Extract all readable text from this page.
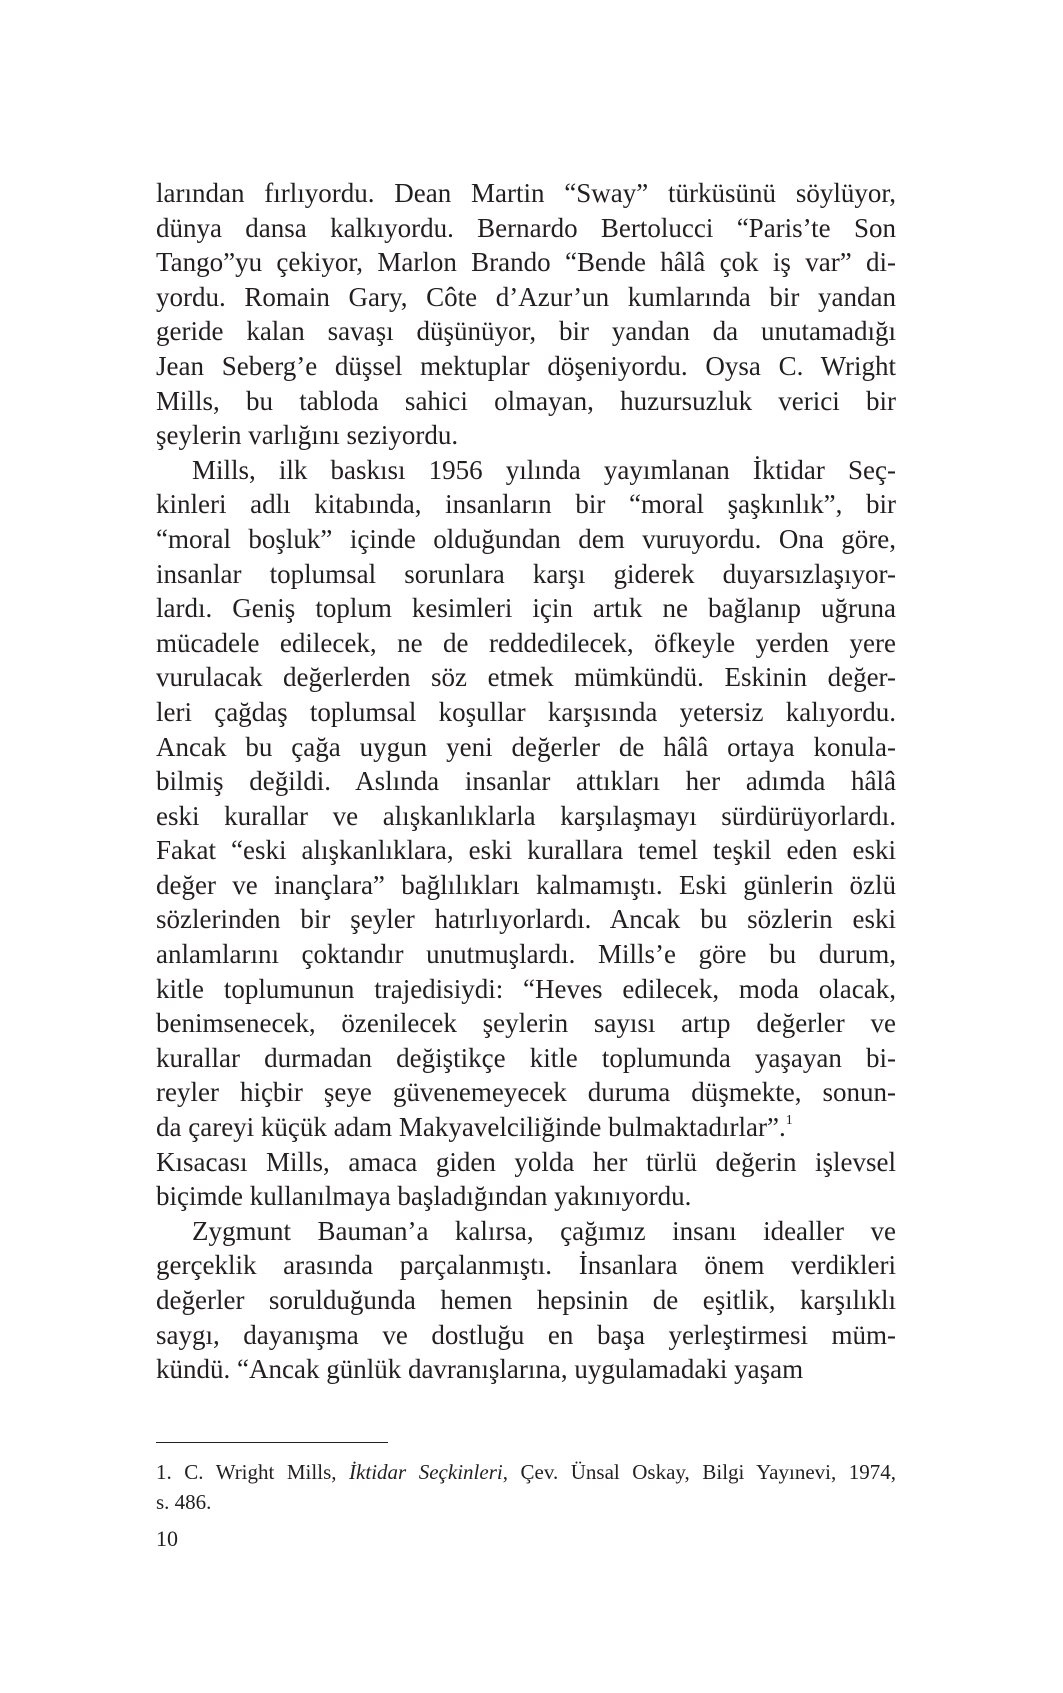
larından fırlıyordu. Dean Martin “Sway” türküsünü söylüyor,
dünya dansa kalkıyordu. Bernardo Bertolucci “Paris’te Son
Tango”yu çekiyor, Marlon Brando “Bende hâlâ çok iş var” di-
yordu. Romain Gary, Côte d’Azur’un kumlarında bir yandan
geride kalan savaşı düşünüyor, bir yandan da unutamadığı
Jean Seberg’e düşsel mektuplar döşeniyordu. Oysa C. Wright
Mills, bu tabloda sahici olmayan, huzursuzluk verici bir
şeylerin varlığını seziyordu.
Mills, ilk baskısı 1956 yılında yayımlanan İktidar Seç-
kinleri adlı kitabında, insanların bir “moral şaşkınlık”, bir
“moral boşluk” içinde olduğundan dem vuruyordu. Ona göre,
insanlar toplumsal sorunlara karşı giderek duyarsızlaşıyor-
lardı. Geniş toplum kesimleri için artık ne bağlanıp uğruna
mücadele edilecek, ne de reddedilecek, öfkeyle yerden yere
vurulacak değerlerden söz etmek mümkündü. Eskinin değer-
leri çağdaş toplumsal koşullar karşısında yetersiz kalıyordu.
Ancak bu çağa uygun yeni değerler de hâlâ ortaya konula-
bilmiş değildi. Aslında insanlar attıkları her adımda hâlâ
eski kurallar ve alışkanlıklarla karşılaşmayı sürdürüyorlardı.
Fakat “eski alışkanlıklara, eski kurallara temel teşkil eden eski
değer ve inançlara” bağlılıkları kalmamıştı. Eski günlerin özlü
sözlerinden bir şeyler hatırlıyorlardı. Ancak bu sözlerin eski
anlamlarını çoktandır unutmuşlardı. Mills’e göre bu durum,
kitle toplumunun trajedisiydi: “Heves edilecek, moda olacak,
benimsenecek, özenilecek şeylerin sayısı artıp değerler ve
kurallar durmadan değiştikçe kitle toplumunda yaşayan bi-
reyler hiçbir şeye güvenemeyecek duruma düşmekte, sonun-
da çareyi küçük adam Makyavelciliğinde bulmaktadırlar”.$^1$
Kısacası Mills, amaca giden yolda her türlü değerin işlevsel
biçimde kullanılmaya başladığından yakınıyordu.
Zygmunt Bauman’a kalırsa, çağımız insanı idealler ve
gerçeklik arasında parçalanmıştı. İnsanlara önem verdikleri
değerler sorulduğunda hemen hepsinin de eşitlik, karşılıklı
saygı, dayanışma ve dostluğu en başa yerleştirmesi müm-
kündü. “Ancak günlük davranışlarına, uygulamadaki yaşam
1. C. Wright Mills, İktidar Seçkinleri, Çev. Ünsal Oskay, Bilgi Yayınevi, 1974,
s. 486.
10
